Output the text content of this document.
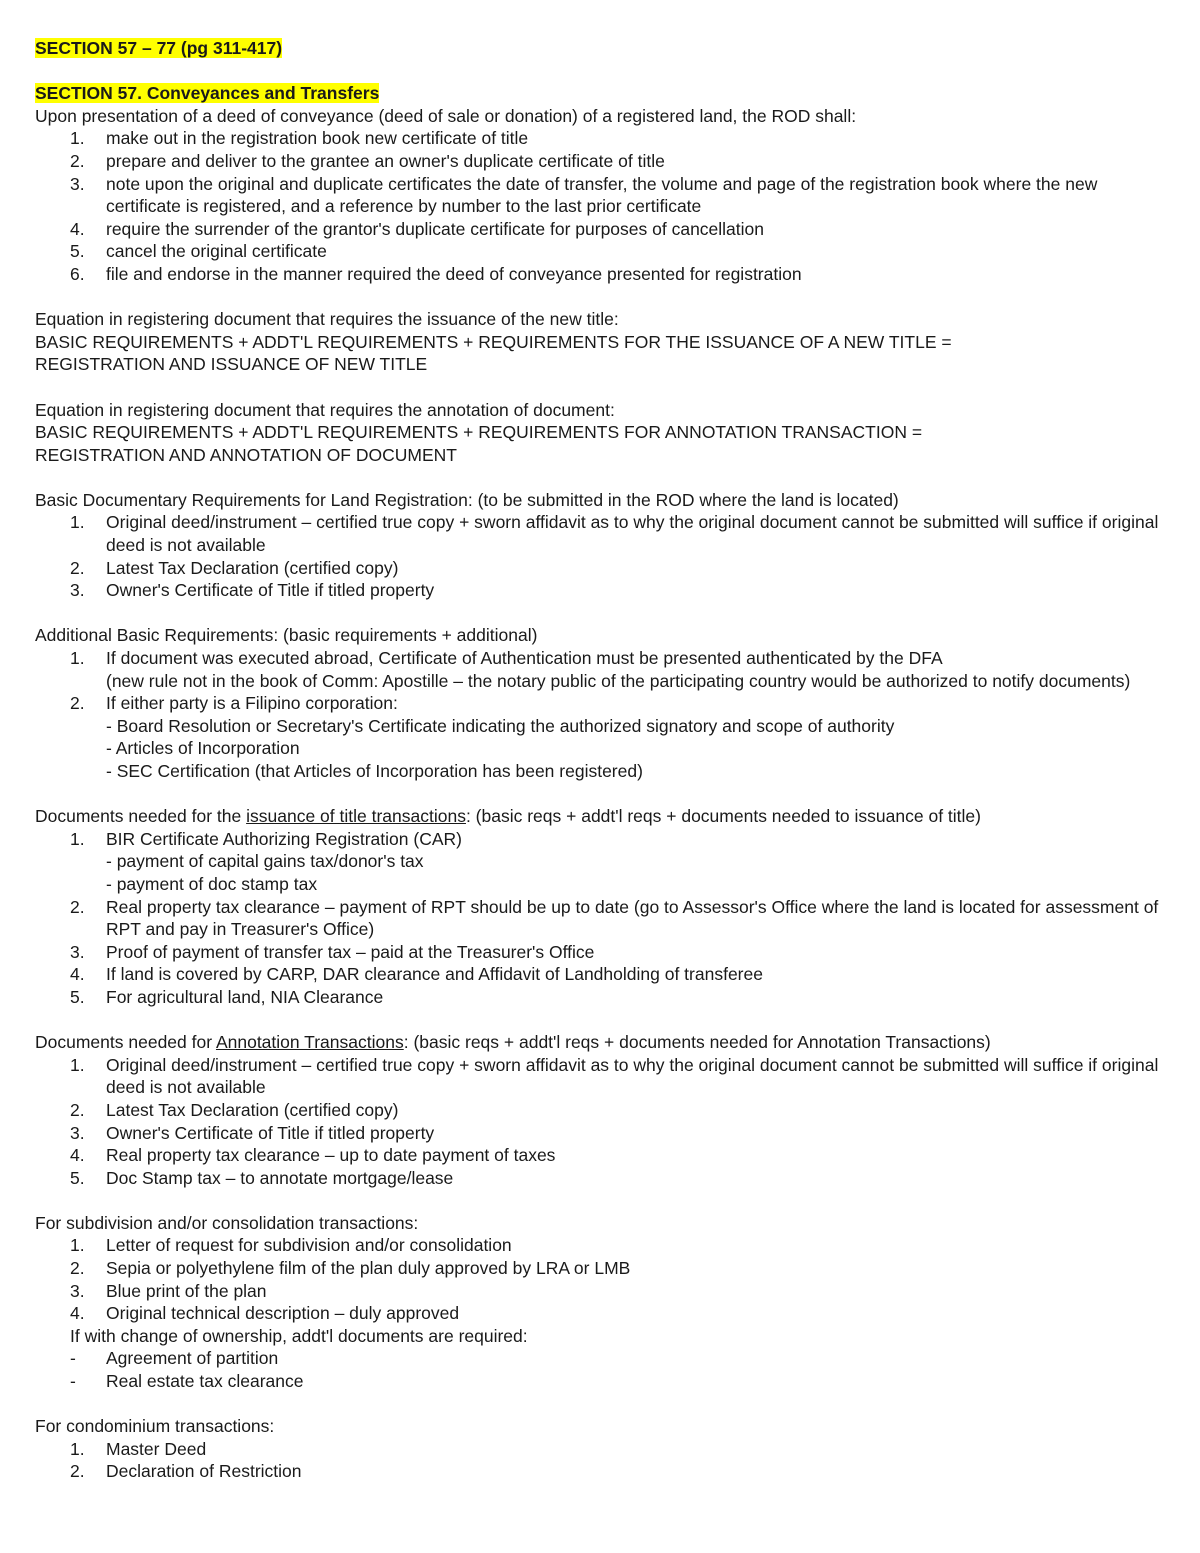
SECTION 57 – 77 (pg 311-417)
SECTION 57. Conveyances and Transfers
Upon presentation of a deed of conveyance (deed of sale or donation) of a registered land, the ROD shall:
1. make out in the registration book new certificate of title
2. prepare and deliver to the grantee an owner's duplicate certificate of title
3. note upon the original and duplicate certificates the date of transfer, the volume and page of the registration book where the new certificate is registered, and a reference by number to the last prior certificate
4. require the surrender of the grantor's duplicate certificate for purposes of cancellation
5. cancel the original certificate
6. file and endorse in the manner required the deed of conveyance presented for registration
Equation in registering document that requires the issuance of the new title:
BASIC REQUIREMENTS + ADDT'L REQUIREMENTS + REQUIREMENTS FOR THE ISSUANCE OF A NEW TITLE =
REGISTRATION AND ISSUANCE OF NEW TITLE
Equation in registering document that requires the annotation of document:
BASIC REQUIREMENTS + ADDT'L REQUIREMENTS + REQUIREMENTS FOR ANNOTATION TRANSACTION =
REGISTRATION AND ANNOTATION OF DOCUMENT
Basic Documentary Requirements for Land Registration: (to be submitted in the ROD where the land is located)
1. Original deed/instrument – certified true copy + sworn affidavit as to why the original document cannot be submitted will suffice if original deed is not available
2. Latest Tax Declaration (certified copy)
3. Owner's Certificate of Title if titled property
Additional Basic Requirements: (basic requirements + additional)
1. If document was executed abroad, Certificate of Authentication must be presented authenticated by the DFA
(new rule not in the book of Comm: Apostille – the notary public of the participating country would be authorized to notify documents)
2. If either party is a Filipino corporation:
- Board Resolution or Secretary's Certificate indicating the authorized signatory and scope of authority
- Articles of Incorporation
- SEC Certification (that Articles of Incorporation has been registered)
Documents needed for the issuance of title transactions: (basic reqs + addt'l reqs + documents needed to issuance of title)
1. BIR Certificate Authorizing Registration (CAR)
- payment of capital gains tax/donor's tax
- payment of doc stamp tax
2. Real property tax clearance – payment of RPT should be up to date (go to Assessor's Office where the land is located for assessment of RPT and pay in Treasurer's Office)
3. Proof of payment of transfer tax – paid at the Treasurer's Office
4. If land is covered by CARP, DAR clearance and Affidavit of Landholding of transferee
5. For agricultural land, NIA Clearance
Documents needed for Annotation Transactions: (basic reqs + addt'l reqs + documents needed for Annotation Transactions)
1. Original deed/instrument – certified true copy + sworn affidavit as to why the original document cannot be submitted will suffice if original deed is not available
2. Latest Tax Declaration (certified copy)
3. Owner's Certificate of Title if titled property
4. Real property tax clearance – up to date payment of taxes
5. Doc Stamp tax – to annotate mortgage/lease
For subdivision and/or consolidation transactions:
1. Letter of request for subdivision and/or consolidation
2. Sepia or polyethylene film of the plan duly approved by LRA or LMB
3. Blue print of the plan
4. Original technical description – duly approved
If with change of ownership, addt'l documents are required:
- Agreement of partition
- Real estate tax clearance
For condominium transactions:
1. Master Deed
2. Declaration of Restriction
